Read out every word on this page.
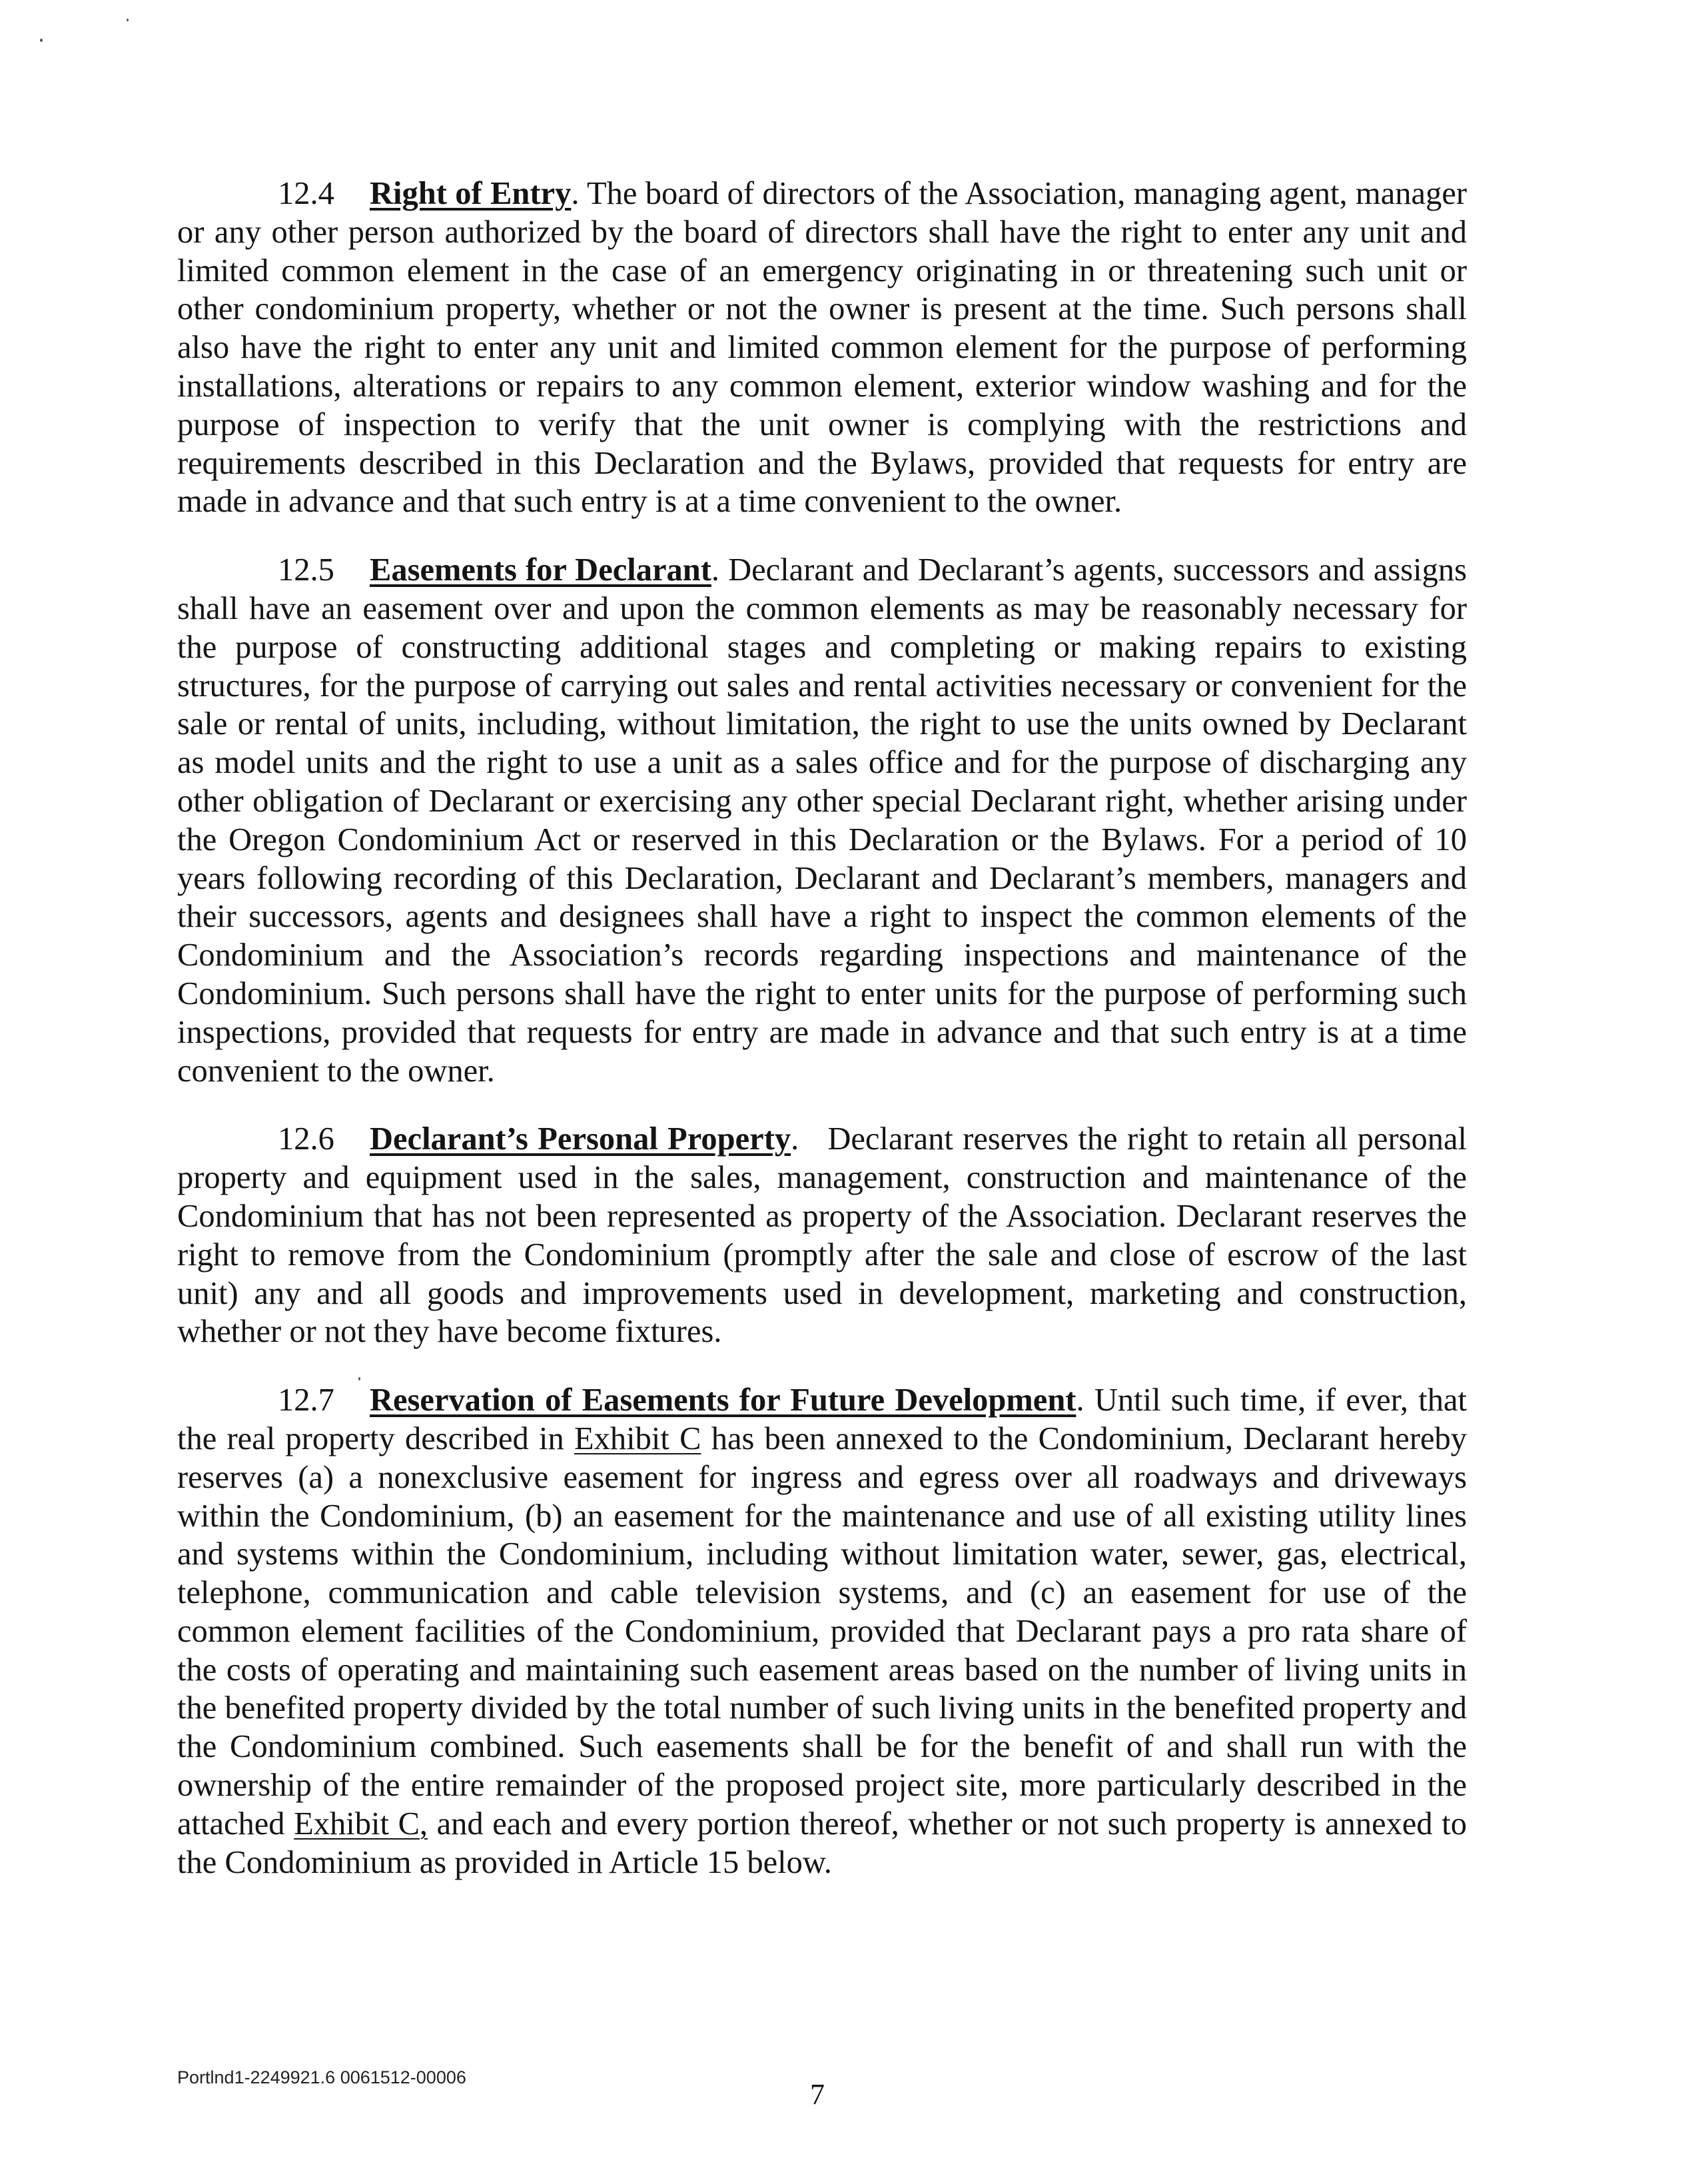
12.4 Right of Entry. The board of directors of the Association, managing agent, manager or any other person authorized by the board of directors shall have the right to enter any unit and limited common element in the case of an emergency originating in or threatening such unit or other condominium property, whether or not the owner is present at the time. Such persons shall also have the right to enter any unit and limited common element for the purpose of performing installations, alterations or repairs to any common element, exterior window washing and for the purpose of inspection to verify that the unit owner is complying with the restrictions and requirements described in this Declaration and the Bylaws, provided that requests for entry are made in advance and that such entry is at a time convenient to the owner.

12.5 Easements for Declarant. Declarant and Declarant’s agents, successors and assigns shall have an easement over and upon the common elements as may be reasonably necessary for the purpose of constructing additional stages and completing or making repairs to existing structures, for the purpose of carrying out sales and rental activities necessary or convenient for the sale or rental of units, including, without limitation, the right to use the units owned by Declarant as model units and the right to use a unit as a sales office and for the purpose of discharging any other obligation of Declarant or exercising any other special Declarant right, whether arising under the Oregon Condominium Act or reserved in this Declaration or the Bylaws. For a period of 10 years following recording of this Declaration, Declarant and Declarant’s members, managers and their successors, agents and designees shall have a right to inspect the common elements of the Condominium and the Association’s records regarding inspections and maintenance of the Condominium. Such persons shall have the right to enter units for the purpose of performing such inspections, provided that requests for entry are made in advance and that such entry is at a time convenient to the owner.

12.6 Declarant’s Personal Property. Declarant reserves the right to retain all personal property and equipment used in the sales, management, construction and maintenance of the Condominium that has not been represented as property of the Association. Declarant reserves the right to remove from the Condominium (promptly after the sale and close of escrow of the last unit) any and all goods and improvements used in development, marketing and construction, whether or not they have become fixtures.

12.7 Reservation of Easements for Future Development. Until such time, if ever, that the real property described in Exhibit C has been annexed to the Condominium, Declarant hereby reserves (a) a nonexclusive easement for ingress and egress over all roadways and driveways within the Condominium, (b) an easement for the maintenance and use of all existing utility lines and systems within the Condominium, including without limitation water, sewer, gas, electrical, telephone, communication and cable television systems, and (c) an easement for use of the common element facilities of the Condominium, provided that Declarant pays a pro rata share of the costs of operating and maintaining such easement areas based on the number of living units in the benefited property divided by the total number of such living units in the benefited property and the Condominium combined. Such easements shall be for the benefit of and shall run with the ownership of the entire remainder of the proposed project site, more particularly described in the attached Exhibit C, and each and every portion thereof, whether or not such property is annexed to the Condominium as provided in Article 15 below.

Portlnd1-2249921.6 0061512-00006
7
